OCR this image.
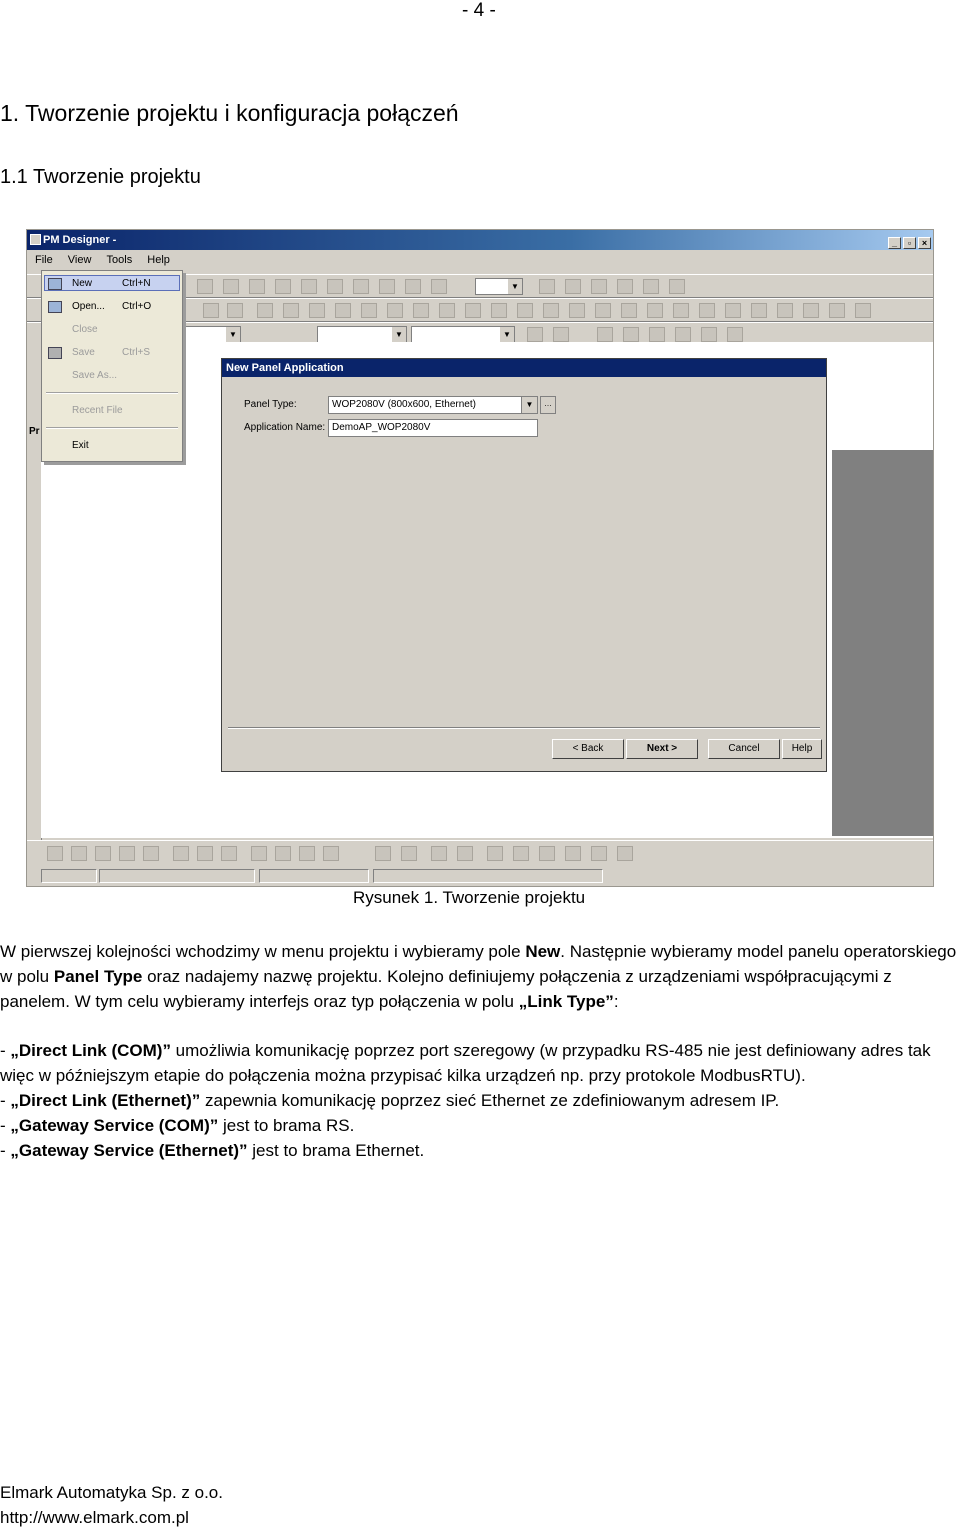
- 4 -
1. Tworzenie projektu i konfiguracja połączeń
1.1 Tworzenie projektu
PM Designer -	_ ▫ ×
File View Tools Help
▼
▼
▼
▼
Pr
New	Ctrl+N
Open... Ctrl+O
Close
Save	Ctrl+S
Save As...
Recent File
Exit
New Panel Application
Panel Type:	WOP2080V (800x600, Ethernet)	▼	…
Application Name: DemoAP_WOP2080V
< Back	Next >	Cancel	Help
Rysunek 1. Tworzenie projektu
W pierwszej kolejności wchodzimy w menu projektu i wybieramy pole New. Następnie wybieramy model panelu operatorskiego w polu Panel Type oraz nadajemy nazwę projektu. Kolejno definiujemy połączenia z urządzeniami współpracującymi z panelem. W tym celu wybieramy interfejs oraz typ połączenia w polu „Link Type”:
- „Direct Link (COM)” umożliwia komunikację poprzez port szeregowy (w przypadku RS-485 nie jest definiowany adres tak więc w późniejszym etapie do połączenia można przypisać kilka urządzeń np. przy protokole ModbusRTU).
- „Direct Link (Ethernet)” zapewnia komunikację poprzez sieć Ethernet ze zdefiniowanym adresem IP.
- „Gateway Service (COM)” jest to brama RS.
- „Gateway Service (Ethernet)” jest to brama Ethernet.
Elmark Automatyka Sp. z o.o.
http://www.elmark.com.pl
